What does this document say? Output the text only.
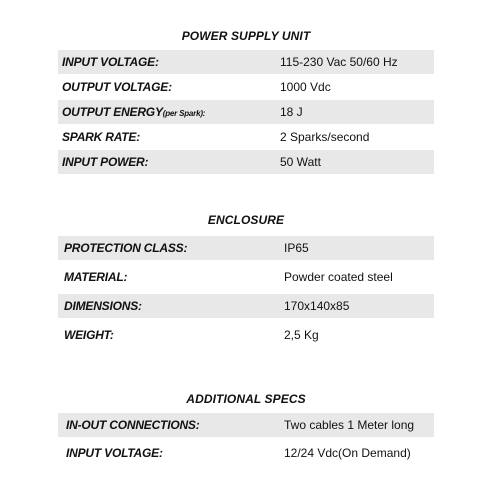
POWER SUPPLY UNIT
INPUT VOLTAGE:	115-230 Vac 50/60 Hz
OUTPUT VOLTAGE:	1000 Vdc
OUTPUT ENERGY(per Spark):	18 J
SPARK RATE:	2 Sparks/second
INPUT POWER:	50 Watt
ENCLOSURE
PROTECTION CLASS:	IP65
MATERIAL:	Powder coated steel
DIMENSIONS:	170x140x85
WEIGHT:	2,5 Kg
ADDITIONAL SPECS
IN-OUT CONNECTIONS:	Two cables 1 Meter long
INPUT VOLTAGE:	12/24 Vdc(On Demand)
